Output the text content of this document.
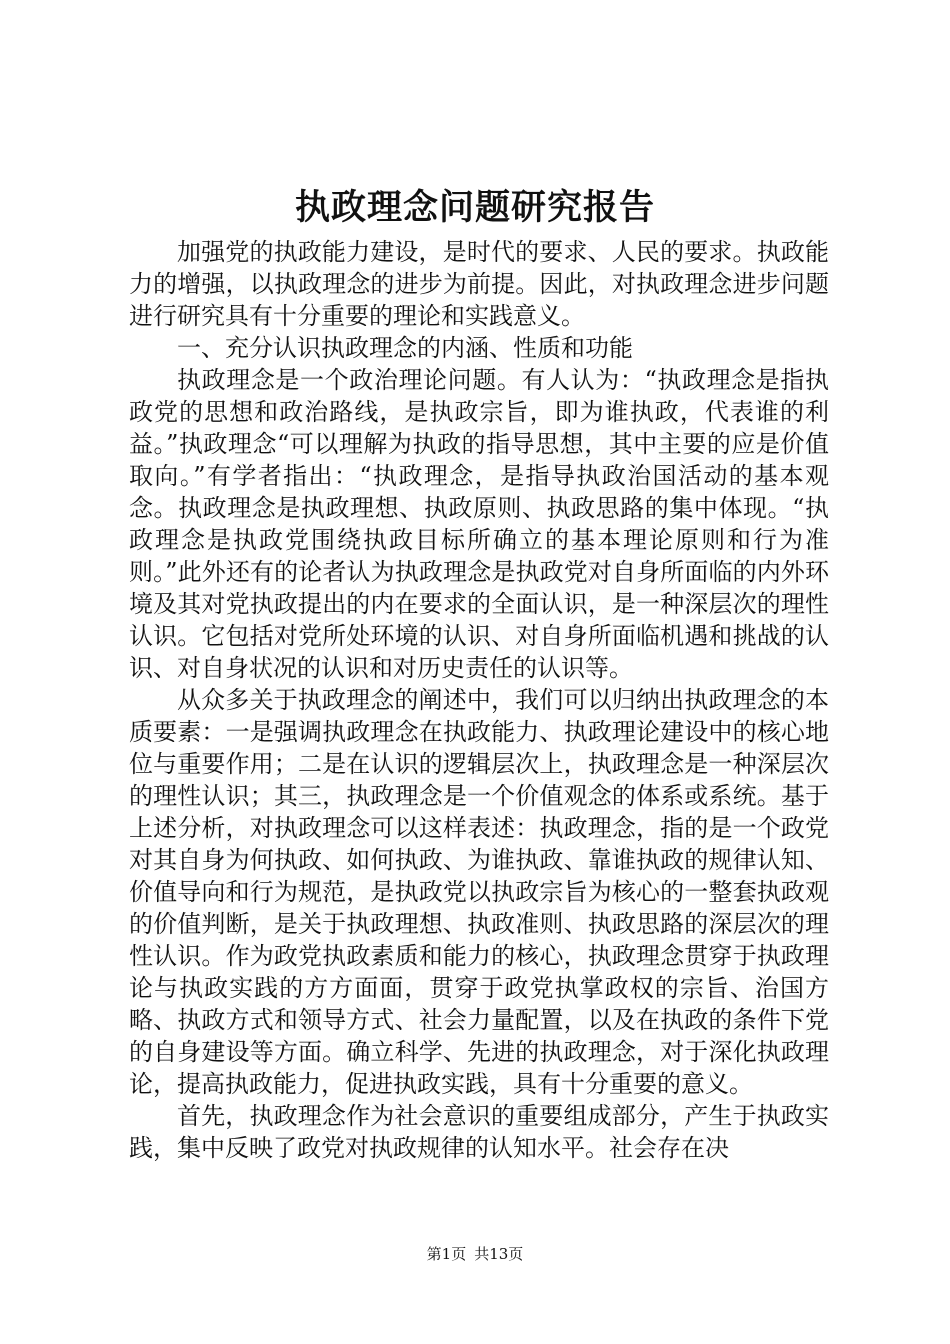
执政理念问题研究报告

加强党的执政能力建设，是时代的要求、人民的要求。执政能力的增强，以执政理念的进步为前提。因此，对执政理念进步问题进行研究具有十分重要的理论和实践意义。

一、充分认识执政理念的内涵、性质和功能

执政理念是一个政治理论问题。有人认为：“执政理念是指执政党的思想和政治路线，是执政宗旨，即为谁执政，代表谁的利益。”执政理念“可以理解为执政的指导思想，其中主要的应是价值取向。”有学者指出：“执政理念，是指导执政治国活动的基本观念。执政理念是执政理想、执政原则、执政思路的集中体现。“执政理念是执政党围绕执政目标所确立的基本理论原则和行为准则。”此外还有的论者认为执政理念是执政党对自身所面临的内外环境及其对党执政提出的内在要求的全面认识，是一种深层次的理性认识。它包括对党所处环境的认识、对自身所面临机遇和挑战的认识、对自身状况的认识和对历史责任的认识等。

从众多关于执政理念的阐述中，我们可以归纳出执政理念的本质要素：一是强调执政理念在执政能力、执政理论建设中的核心地位与重要作用；二是在认识的逻辑层次上，执政理念是一种深层次的理性认识；其三，执政理念是一个价值观念的体系或系统。基于上述分析，对执政理念可以这样表述：执政理念，指的是一个政党对其自身为何执政、如何执政、为谁执政、靠谁执政的规律认知、价值导向和行为规范，是执政党以执政宗旨为核心的一整套执政观的价值判断，是关于执政理想、执政准则、执政思路的深层次的理性认识。作为政党执政素质和能力的核心，执政理念贯穿于执政理论与执政实践的方方面面，贯穿于政党执掌政权的宗旨、治国方略、执政方式和领导方式、社会力量配置，以及在执政的条件下党的自身建设等方面。确立科学、先进的执政理念，对于深化执政理论，提高执政能力，促进执政实践，具有十分重要的意义。

首先，执政理念作为社会意识的重要组成部分，产生于执政实践，集中反映了政党对执政规律的认知水平。社会存在决

第1页 共13页
